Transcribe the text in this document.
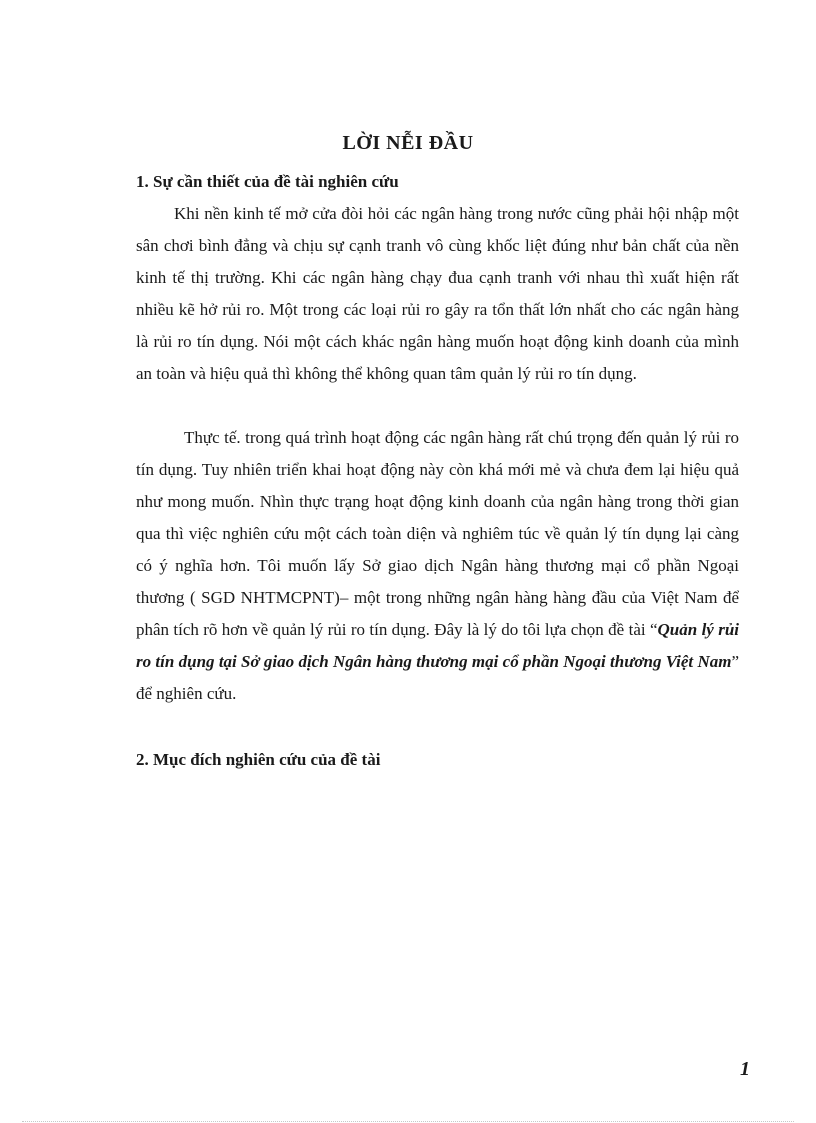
LỜI NỄI ĐẦU
1. Sự cần thiết của đề tài nghiên cứu

Khi nền kinh tế mở cửa đòi hỏi các ngân hàng trong nước cũng phải hội nhập một sân chơi bình đẳng và chịu sự cạnh tranh vô cùng khốc liệt đúng như bản chất của nền kinh tế thị trường. Khi các ngân hàng chạy đua cạnh tranh với nhau thì xuất hiện rất nhiều kẽ hở rủi ro. Một trong các loại rủi ro gây ra tổn thất lớn nhất cho các ngân hàng là rủi ro tín dụng. Nói một cách khác ngân hàng muốn hoạt động kinh doanh của mình an toàn và hiệu quả thì không thể không quan tâm quản lý rủi ro tín dụng.

Thực tế. trong quá trình hoạt động các ngân hàng rất chú trọng đến quản lý rủi ro tín dụng. Tuy nhiên triển khai hoạt động này còn khá mới mẻ và chưa đem lại hiệu quả như mong muốn. Nhìn thực trạng hoạt động kinh doanh của ngân hàng trong thời gian qua thì việc nghiên cứu một cách toàn diện và nghiêm túc về quản lý tín dụng lại càng có ý nghĩa hơn. Tôi muốn lấy Sở giao dịch Ngân hàng thương mại cổ phần Ngoại thương ( SGD NHTMCPNT)– một trong những ngân hàng hàng đầu của Việt Nam để phân tích rõ hơn về quản lý rủi ro tín dụng. Đây là lý do tôi lựa chọn đề tài “Quản lý rủi ro tín dụng tại Sở giao dịch Ngân hàng thương mại cổ phần Ngoại thương Việt Nam” để nghiên cứu.

2. Mục đích nghiên cứu của đề tài
1
